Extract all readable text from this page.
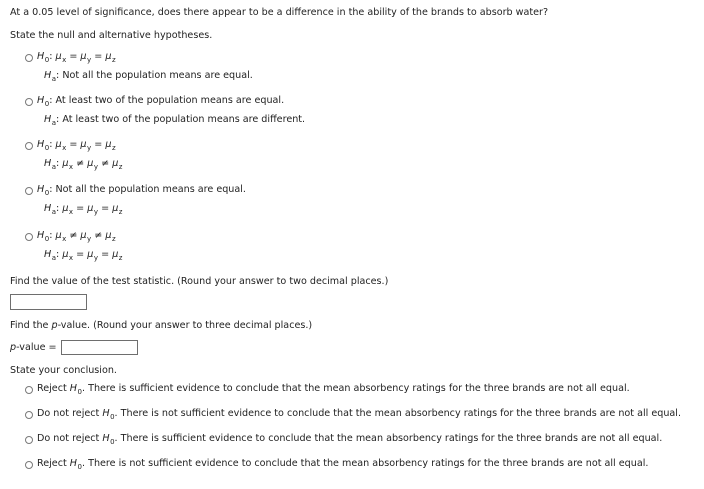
At a 0.05 level of significance, does there appear to be a difference in the ability of the brands to absorb water?
State the null and alternative hypotheses.
$H_0$: $\mu_x = \mu_y = \mu_z$
$H_a$: Not all the population means are equal.
$H_0$: At least two of the population means are equal.
$H_a$: At least two of the population means are different.
$H_0$: $\mu_x = \mu_y = \mu_z$
$H_a$: $\mu_x \ne \mu_y \ne \mu_z$
$H_0$: Not all the population means are equal.
$H_a$: $\mu_x = \mu_y = \mu_z$
$H_0$: $\mu_x \ne \mu_y \ne \mu_z$
$H_a$: $\mu_x = \mu_y = \mu_z$
Find the value of the test statistic. (Round your answer to two decimal places.)
Find the p-value. (Round your answer to three decimal places.)
p-value =
State your conclusion.
Reject $H_0$. There is sufficient evidence to conclude that the mean absorbency ratings for the three brands are not all equal.
Do not reject $H_0$. There is not sufficient evidence to conclude that the mean absorbency ratings for the three brands are not all equal.
Do not reject $H_0$. There is sufficient evidence to conclude that the mean absorbency ratings for the three brands are not all equal.
Reject $H_0$. There is not sufficient evidence to conclude that the mean absorbency ratings for the three brands are not all equal.
